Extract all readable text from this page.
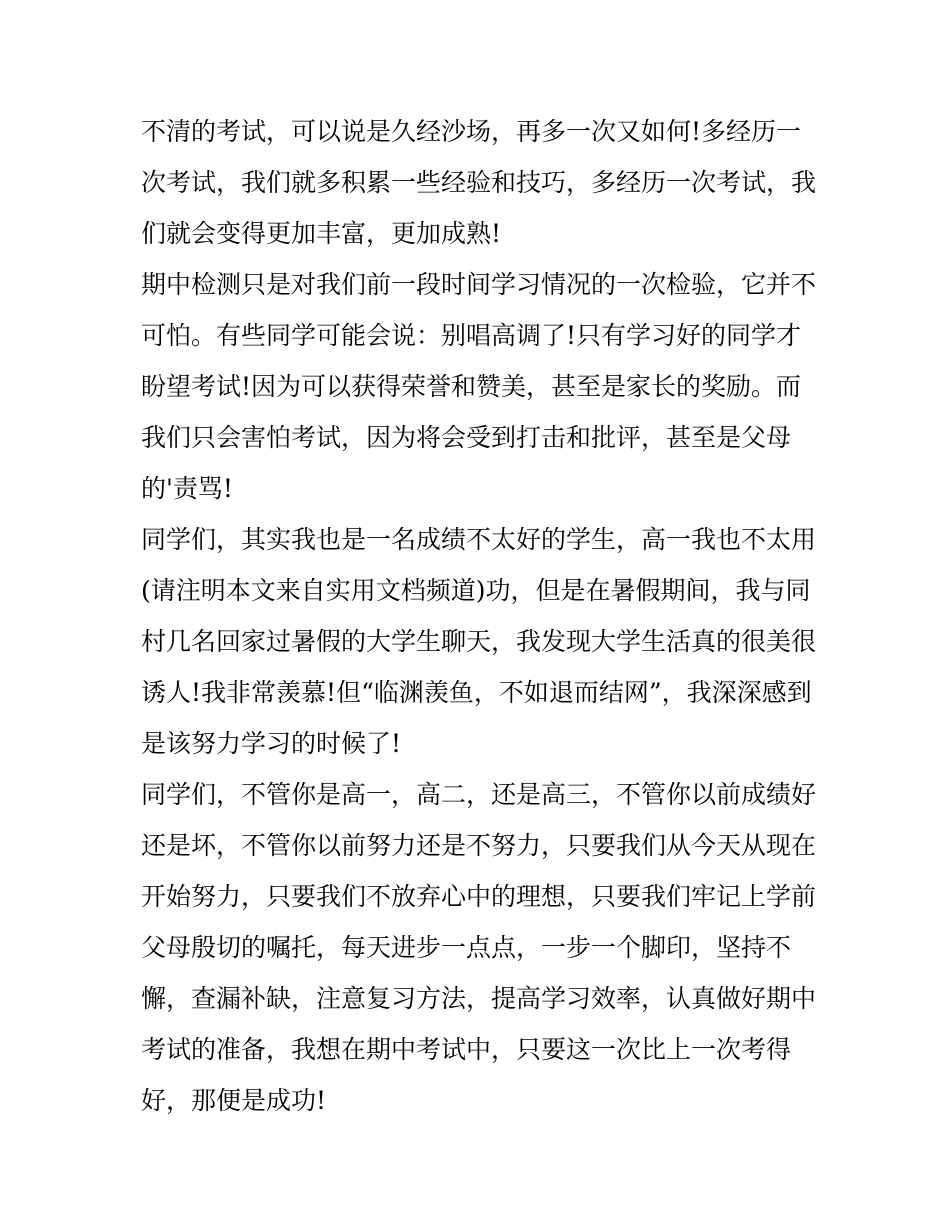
不清的考试，可以说是久经沙场，再多一次又如何!多经历一
次考试，我们就多积累一些经验和技巧，多经历一次考试，我
们就会变得更加丰富，更加成熟!
期中检测只是对我们前一段时间学习情况的一次检验，它并不
可怕。有些同学可能会说：别唱高调了!只有学习好的同学才
盼望考试!因为可以获得荣誉和赞美，甚至是家长的奖励。而
我们只会害怕考试，因为将会受到打击和批评，甚至是父母
的'责骂!
同学们，其实我也是一名成绩不太好的学生，高一我也不太用
(请注明本文来自实用文档频道)功，但是在暑假期间，我与同
村几名回家过暑假的大学生聊天，我发现大学生活真的很美很
诱人!我非常羡慕!但“临渊羡鱼，不如退而结网”，我深深感到
是该努力学习的时候了!
同学们，不管你是高一，高二，还是高三，不管你以前成绩好
还是坏，不管你以前努力还是不努力，只要我们从今天从现在
开始努力，只要我们不放弃心中的理想，只要我们牢记上学前
父母殷切的嘱托，每天进步一点点，一步一个脚印，坚持不
懈，查漏补缺，注意复习方法，提高学习效率，认真做好期中
考试的准备，我想在期中考试中，只要这一次比上一次考得
好，那便是成功!
